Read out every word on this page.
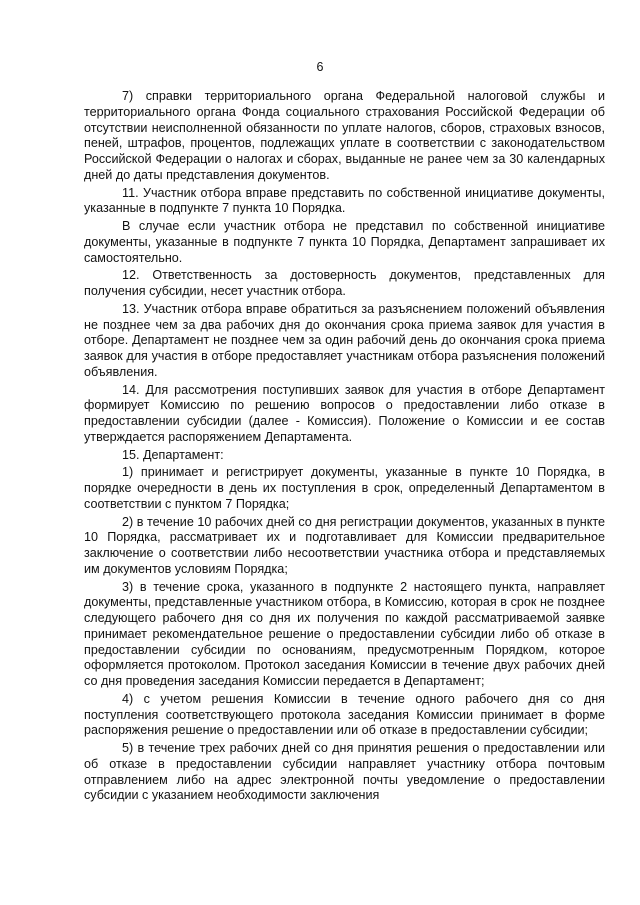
6

7) справки территориального органа Федеральной налоговой службы и территориального органа Фонда социального страхования Российской Федерации об отсутствии неисполненной обязанности по уплате налогов, сборов, страховых взносов, пеней, штрафов, процентов, подлежащих уплате в соответствии с законодательством Российской Федерации о налогах и сборах, выданные не ранее чем за 30 календарных дней до даты представления документов.

11. Участник отбора вправе представить по собственной инициативе документы, указанные в подпункте 7 пункта 10 Порядка.

В случае если участник отбора не представил по собственной инициативе документы, указанные в подпункте 7 пункта 10 Порядка, Департамент запрашивает их самостоятельно.

12. Ответственность за достоверность документов, представленных для получения субсидии, несет участник отбора.

13. Участник отбора вправе обратиться за разъяснением положений объявления не позднее чем за два рабочих дня до окончания срока приема заявок для участия в отборе. Департамент не позднее чем за один рабочий день до окончания срока приема заявок для участия в отборе предоставляет участникам отбора разъяснения положений объявления.

14. Для рассмотрения поступивших заявок для участия в отборе Департамент формирует Комиссию по решению вопросов о предоставлении либо отказе в предоставлении субсидии (далее - Комиссия). Положение о Комиссии и ее состав утверждается распоряжением Департамента.

15. Департамент:

1) принимает и регистрирует документы, указанные в пункте 10 Порядка, в порядке очередности в день их поступления в срок, определенный Департаментом в соответствии с пунктом 7 Порядка;

2) в течение 10 рабочих дней со дня регистрации документов, указанных в пункте 10 Порядка, рассматривает их и подготавливает для Комиссии предварительное заключение о соответствии либо несоответствии участника отбора и представляемых им документов условиям Порядка;

3) в течение срока, указанного в подпункте 2 настоящего пункта, направляет документы, представленные участником отбора, в Комиссию, которая в срок не позднее следующего рабочего дня со дня их получения по каждой рассматриваемой заявке принимает рекомендательное решение о предоставлении субсидии либо об отказе в предоставлении субсидии по основаниям, предусмотренным Порядком, которое оформляется протоколом. Протокол заседания Комиссии в течение двух рабочих дней со дня проведения заседания Комиссии передается в Департамент;

4) с учетом решения Комиссии в течение одного рабочего дня со дня поступления соответствующего протокола заседания Комиссии принимает в форме распоряжения решение о предоставлении или об отказе в предоставлении субсидии;

5) в течение трех рабочих дней со дня принятия решения о предоставлении или об отказе в предоставлении субсидии направляет участнику отбора почтовым отправлением либо на адрес электронной почты уведомление о предоставлении субсидии с указанием необходимости заключения
